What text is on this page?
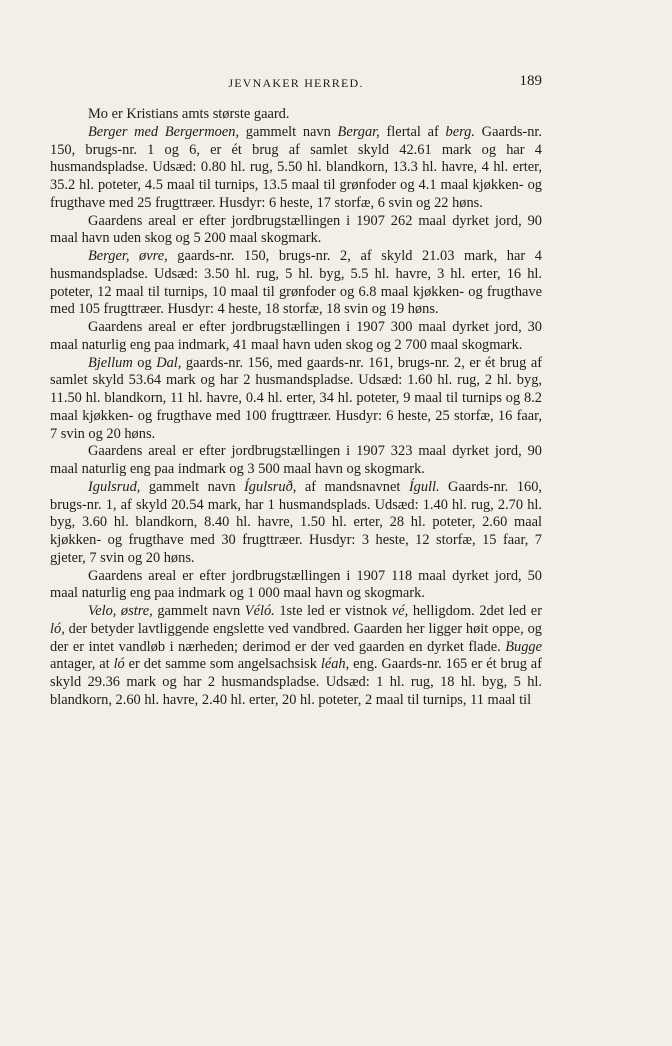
JEVNAKER HERRED.	189

Mo er Kristians amts største gaard.

Berger med Bergermoen, gammelt navn Bergar, flertal af berg. Gaards-nr. 150, brugs-nr. 1 og 6, er ét brug af samlet skyld 42.61 mark og har 4 husmandspladse. Udsæd: 0.80 hl. rug, 5.50 hl. blandkorn, 13.3 hl. havre, 4 hl. erter, 35.2 hl. poteter, 4.5 maal til turnips, 13.5 maal til grønfoder og 4.1 maal kjøkken- og frugthave med 25 frugttræer. Husdyr: 6 heste, 17 storfæ, 6 svin og 22 høns.

Gaardens areal er efter jordbrugstællingen i 1907 262 maal dyrket jord, 90 maal havn uden skog og 5 200 maal skogmark.

Berger, øvre, gaards-nr. 150, brugs-nr. 2, af skyld 21.03 mark, har 4 husmandspladse. Udsæd: 3.50 hl. rug, 5 hl. byg, 5.5 hl. havre, 3 hl. erter, 16 hl. poteter, 12 maal til turnips, 10 maal til grønfoder og 6.8 maal kjøkken- og frugthave med 105 frugttræer. Husdyr: 4 heste, 18 storfæ, 18 svin og 19 høns.

Gaardens areal er efter jordbrugstællingen i 1907 300 maal dyrket jord, 30 maal naturlig eng paa indmark, 41 maal havn uden skog og 2 700 maal skogmark.

Bjellum og Dal, gaards-nr. 156, med gaards-nr. 161, brugs-nr. 2, er ét brug af samlet skyld 53.64 mark og har 2 husmandspladse. Udsæd: 1.60 hl. rug, 2 hl. byg, 11.50 hl. blandkorn, 11 hl. havre, 0.4 hl. erter, 34 hl. poteter, 9 maal til turnips og 8.2 maal kjøkken- og frugthave med 100 frugttræer. Husdyr: 6 heste, 25 storfæ, 16 faar, 7 svin og 20 høns.

Gaardens areal er efter jordbrugstællingen i 1907 323 maal dyrket jord, 90 maal naturlig eng paa indmark og 3 500 maal havn og skogmark.

Igulsrud, gammelt navn Ígulsruð, af mandsnavnet Ígull. Gaards-nr. 160, brugs-nr. 1, af skyld 20.54 mark, har 1 husmandsplads. Udsæd: 1.40 hl. rug, 2.70 hl. byg, 3.60 hl. blandkorn, 8.40 hl. havre, 1.50 hl. erter, 28 hl. poteter, 2.60 maal kjøkken- og frugthave med 30 frugttræer. Husdyr: 3 heste, 12 storfæ, 15 faar, 7 gjeter, 7 svin og 20 høns.

Gaardens areal er efter jordbrugstællingen i 1907 118 maal dyrket jord, 50 maal naturlig eng paa indmark og 1 000 maal havn og skogmark.

Velo, østre, gammelt navn Véló. 1ste led er vistnok vé, helligdom. 2det led er ló, der betyder lavtliggende engslette ved vandbred. Gaarden her ligger høit oppe, og der er intet vandløb i nærheden; derimod er der ved gaarden en dyrket flade. Bugge antager, at ló er det samme som angelsachsisk léah, eng. Gaards-nr. 165 er ét brug af skyld 29.36 mark og har 2 husmandspladse. Udsæd: 1 hl. rug, 18 hl. byg, 5 hl. blandkorn, 2.60 hl. havre, 2.40 hl. erter, 20 hl. poteter, 2 maal til turnips, 11 maal til
